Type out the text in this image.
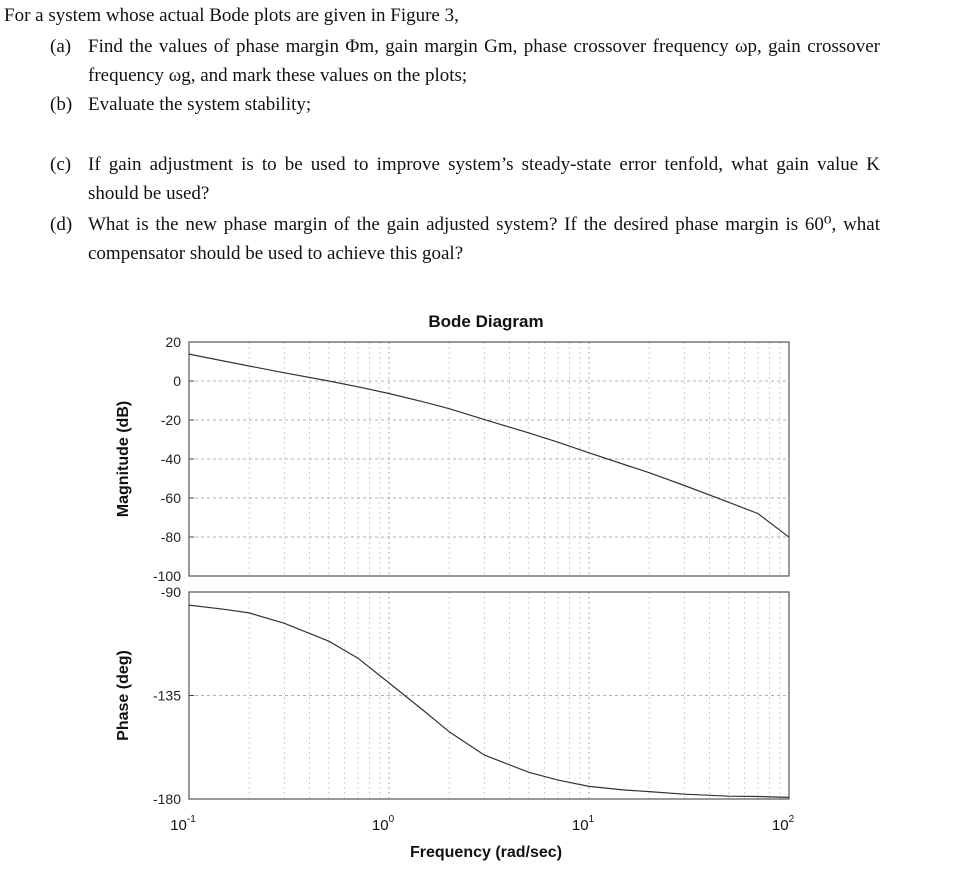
For a system whose actual Bode plots are given in Figure 3,

(a) Find the values of phase margin Φm, gain margin Gm, phase crossover frequency ωp, gain crossover frequency ωg, and mark these values on the plots;

(b) Evaluate the system stability;

(c) If gain adjustment is to be used to improve system’s steady-state error tenfold, what gain value K should be used?

(d) What is the new phase margin of the gain adjusted system? If the desired phase margin is 60⁰, what compensator should be used to achieve this goal?

20
0
-20
-40
-60
-80
-100
Magnitude (dB)
-90
-135
-180
Phase (deg)
Bode Diagram
$10^{-1}$	$10^0$	$10^1$	$10^2$
Frequency (rad/sec)
